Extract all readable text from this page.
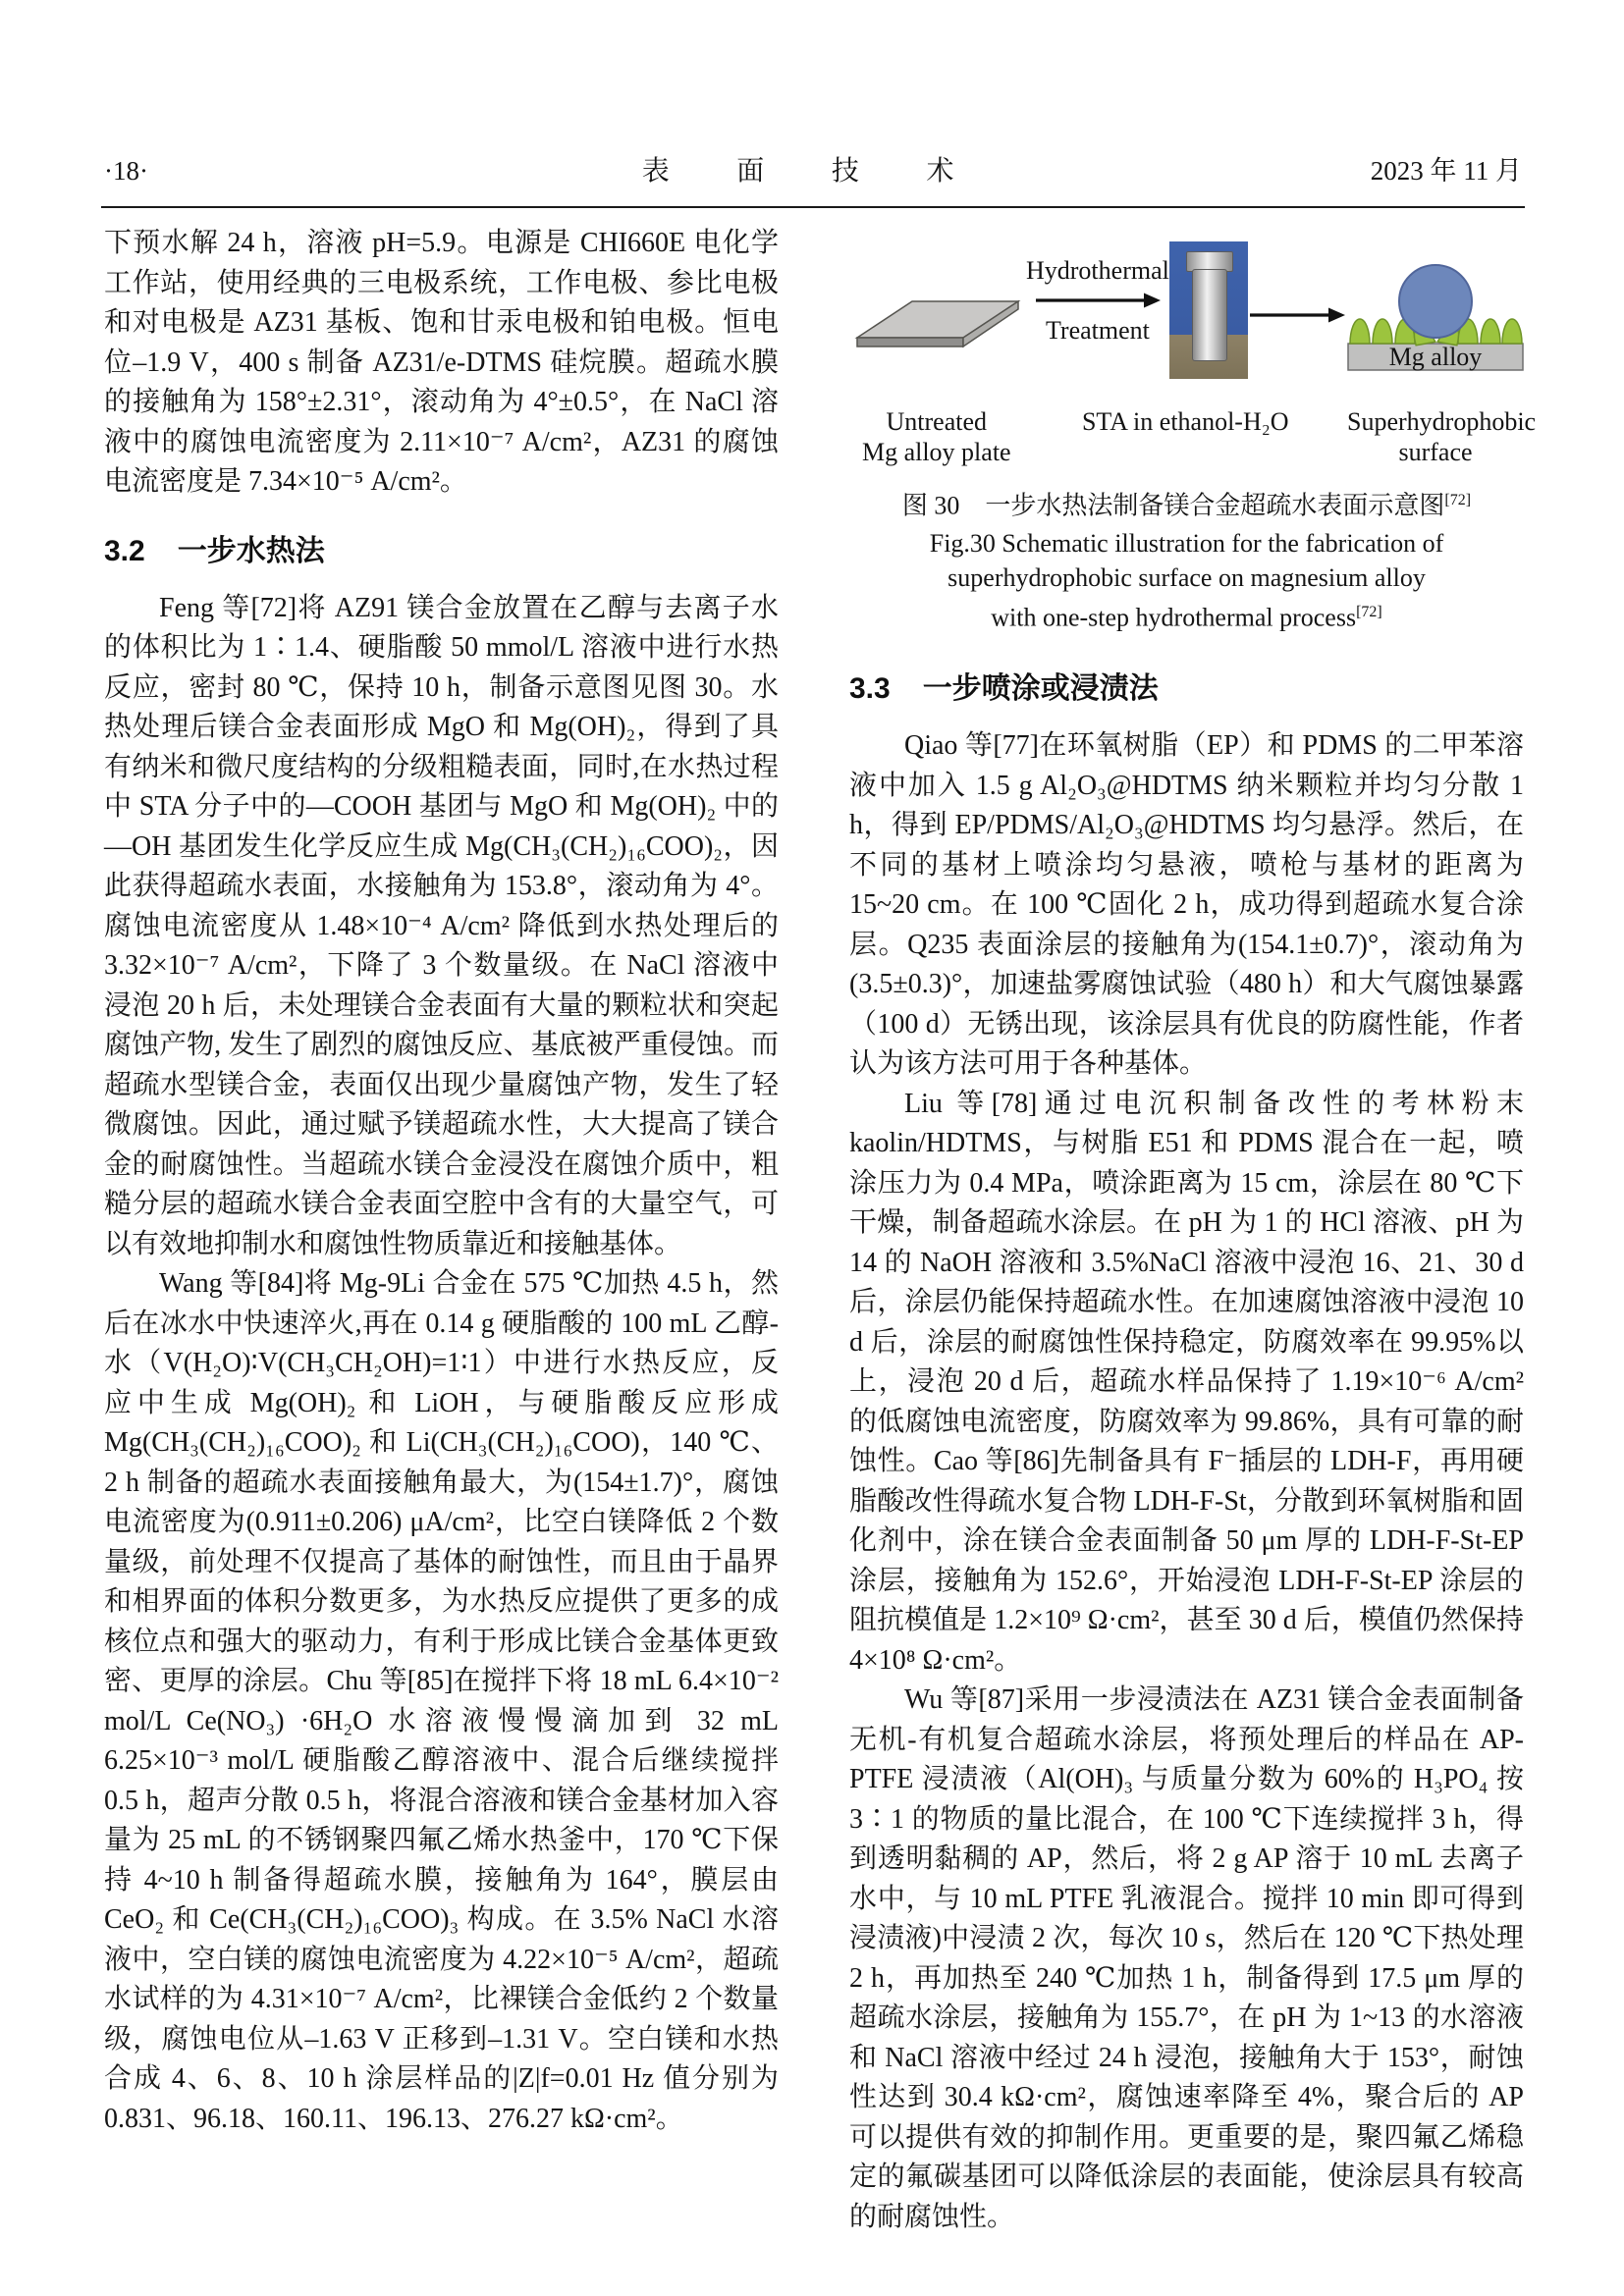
·18·	表 面 技 术	2023 年 11 月

下预水解 24 h，溶液 pH=5.9。电源是 CHI660E 电化学工作站，使用经典的三电极系统，工作电极、参比电极和对电极是 AZ31 基板、饱和甘汞电极和铂电极。恒电位–1.9 V，400 s 制备 AZ31/e-DTMS 硅烷膜。超疏水膜的接触角为 158°±2.31°，滚动角为 4°±0.5°，在 NaCl 溶液中的腐蚀电流密度为 2.11×10⁻⁷ A/cm²，AZ31 的腐蚀电流密度是 7.34×10⁻⁵ A/cm²。

3.2 一步水热法

Feng 等[72]将 AZ91 镁合金放置在乙醇与去离子水的体积比为 1∶1.4、硬脂酸 50 mmol/L 溶液中进行水热反应，密封 80 ℃，保持 10 h，制备示意图见图 30。水热处理后镁合金表面形成 MgO 和 Mg(OH)₂，得到了具有纳米和微尺度结构的分级粗糙表面，同时,在水热过程中 STA 分子中的—COOH 基团与 MgO 和 Mg(OH)₂ 中的—OH 基团发生化学反应生成 Mg(CH₃(CH₂)₁₆COO)₂，因此获得超疏水表面，水接触角为 153.8°，滚动角为 4°。腐蚀电流密度从 1.48×10⁻⁴ A/cm² 降低到水热处理后的 3.32×10⁻⁷ A/cm²，下降了 3 个数量级。在 NaCl 溶液中浸泡 20 h 后，未处理镁合金表面有大量的颗粒状和突起腐蚀产物, 发生了剧烈的腐蚀反应、基底被严重侵蚀。而超疏水型镁合金，表面仅出现少量腐蚀产物，发生了轻微腐蚀。因此，通过赋予镁超疏水性，大大提高了镁合金的耐腐蚀性。当超疏水镁合金浸没在腐蚀介质中，粗糙分层的超疏水镁合金表面空腔中含有的大量空气，可以有效地抑制水和腐蚀性物质靠近和接触基体。

Wang 等[84]将 Mg-9Li 合金在 575 ℃加热 4.5 h，然后在冰水中快速淬火,再在 0.14 g 硬脂酸的 100 mL 乙醇-水（V(H₂O)∶V(CH₃CH₂OH)=1∶1）中进行水热反应，反应中生成 Mg(OH)₂ 和 LiOH，与硬脂酸反应形成 Mg(CH₃(CH₂)₁₆COO)₂ 和 Li(CH₃(CH₂)₁₆COO)，140 ℃、2 h 制备的超疏水表面接触角最大，为(154±1.7)°，腐蚀电流密度为(0.911±0.206) μA/cm²，比空白镁降低 2 个数量级，前处理不仅提高了基体的耐蚀性，而且由于晶界和相界面的体积分数更多，为水热反应提供了更多的成核位点和强大的驱动力，有利于形成比镁合金基体更致密、更厚的涂层。Chu 等[85]在搅拌下将 18 mL 6.4×10⁻² mol/L Ce(NO₃) ·6H₂O 水溶液慢慢滴加到 32 mL 6.25×10⁻³ mol/L 硬脂酸乙醇溶液中、混合后继续搅拌 0.5 h，超声分散 0.5 h，将混合溶液和镁合金基材加入容量为 25 mL 的不锈钢聚四氟乙烯水热釜中，170 ℃下保持 4~10 h 制备得超疏水膜，接触角为 164°，膜层由 CeO₂ 和 Ce(CH₃(CH₂)₁₆COO)₃ 构成。在 3.5% NaCl 水溶液中，空白镁的腐蚀电流密度为 4.22×10⁻⁵ A/cm²，超疏水试样的为 4.31×10⁻⁷ A/cm²，比裸镁合金低约 2 个数量级，腐蚀电位从–1.63 V 正移到–1.31 V。空白镁和水热合成 4、6、8、10 h 涂层样品的|Z|f=0.01 Hz 值分别为 0.831、96.18、160.11、196.13、276.27 kΩ·cm²。

Hydrothermal
Treatment
Mg alloy
Untreated
Mg alloy plate
STA in ethanol-H₂O Superhydrophobic
surface
图 30　一步水热法制备镁合金超疏水表面示意图[72]
Fig.30 Schematic illustration for the fabrication of
superhydrophobic surface on magnesium alloy
with one-step hydrothermal process[72]
3.3 一步喷涂或浸渍法

Qiao 等[77]在环氧树脂（EP）和 PDMS 的二甲苯溶液中加入 1.5 g Al₂O₃@HDTMS 纳米颗粒并均匀分散 1 h，得到 EP/PDMS/Al₂O₃@HDTMS 均匀悬浮。然后，在不同的基材上喷涂均匀悬液，喷枪与基材的距离为 15~20 cm。在 100 ℃固化 2 h，成功得到超疏水复合涂层。Q235 表面涂层的接触角为(154.1±0.7)°，滚动角为(3.5±0.3)°，加速盐雾腐蚀试验（480 h）和大气腐蚀暴露（100 d）无锈出现，该涂层具有优良的防腐性能，作者认为该方法可用于各种基体。

Liu 等[78]通过电沉积制备改性的考林粉末 kaolin/HDTMS，与树脂 E51 和 PDMS 混合在一起，喷涂压力为 0.4 MPa，喷涂距离为 15 cm，涂层在 80 ℃下干燥，制备超疏水涂层。在 pH 为 1 的 HCl 溶液、pH 为 14 的 NaOH 溶液和 3.5%NaCl 溶液中浸泡 16、21、30 d 后，涂层仍能保持超疏水性。在加速腐蚀溶液中浸泡 10 d 后，涂层的耐腐蚀性保持稳定，防腐效率在 99.95%以上，浸泡 20 d 后，超疏水样品保持了 1.19×10⁻⁶ A/cm² 的低腐蚀电流密度，防腐效率为 99.86%，具有可靠的耐蚀性。Cao 等[86]先制备具有 F⁻插层的 LDH-F，再用硬脂酸改性得疏水复合物 LDH-F-St，分散到环氧树脂和固化剂中，涂在镁合金表面制备 50 μm 厚的 LDH-F-St-EP 涂层，接触角为 152.6°，开始浸泡 LDH-F-St-EP 涂层的阻抗模值是 1.2×10⁹ Ω·cm²，甚至 30 d 后，模值仍然保持 4×10⁸ Ω·cm²。

Wu 等[87]采用一步浸渍法在 AZ31 镁合金表面制备无机-有机复合超疏水涂层，将预处理后的样品在 AP-PTFE 浸渍液（Al(OH)₃ 与质量分数为 60%的 H₃PO₄ 按 3∶1 的物质的量比混合，在 100 ℃下连续搅拌 3 h，得到透明黏稠的 AP，然后，将 2 g AP 溶于 10 mL 去离子水中，与 10 mL PTFE 乳液混合。搅拌 10 min 即可得到浸渍液)中浸渍 2 次，每次 10 s，然后在 120 ℃下热处理 2 h，再加热至 240 ℃加热 1 h，制备得到 17.5 μm 厚的超疏水涂层，接触角为 155.7°，在 pH 为 1~13 的水溶液和 NaCl 溶液中经过 24 h 浸泡，接触角大于 153°，耐蚀性达到 30.4 kΩ·cm²，腐蚀速率降至 4%，聚合后的 AP 可以提供有效的抑制作用。更重要的是，聚四氟乙烯稳定的氟碳基团可以降低涂层的表面能，使涂层具有较高的耐腐蚀性。
